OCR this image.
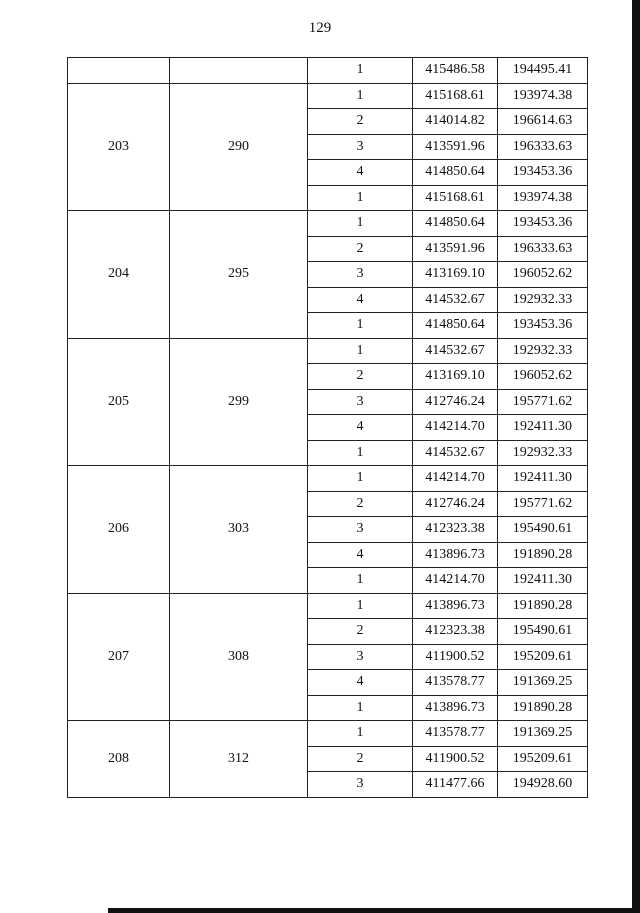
129
		1	415486.58	194495.41
203	290	1	415168.61	193974.38
		2	414014.82	196614.63
		3	413591.96	196333.63
		4	414850.64	193453.36
		1	415168.61	193974.38
204	295	1	414850.64	193453.36
		2	413591.96	196333.63
		3	413169.10	196052.62
		4	414532.67	192932.33
		1	414850.64	193453.36
205	299	1	414532.67	192932.33
		2	413169.10	196052.62
		3	412746.24	195771.62
		4	414214.70	192411.30
		1	414532.67	192932.33
206	303	1	414214.70	192411.30
		2	412746.24	195771.62
		3	412323.38	195490.61
		4	413896.73	191890.28
		1	414214.70	192411.30
207	308	1	413896.73	191890.28
		2	412323.38	195490.61
		3	411900.52	195209.61
		4	413578.77	191369.25
		1	413896.73	191890.28
208	312	1	413578.77	191369.25
		2	411900.52	195209.61
		3	411477.66	194928.60
